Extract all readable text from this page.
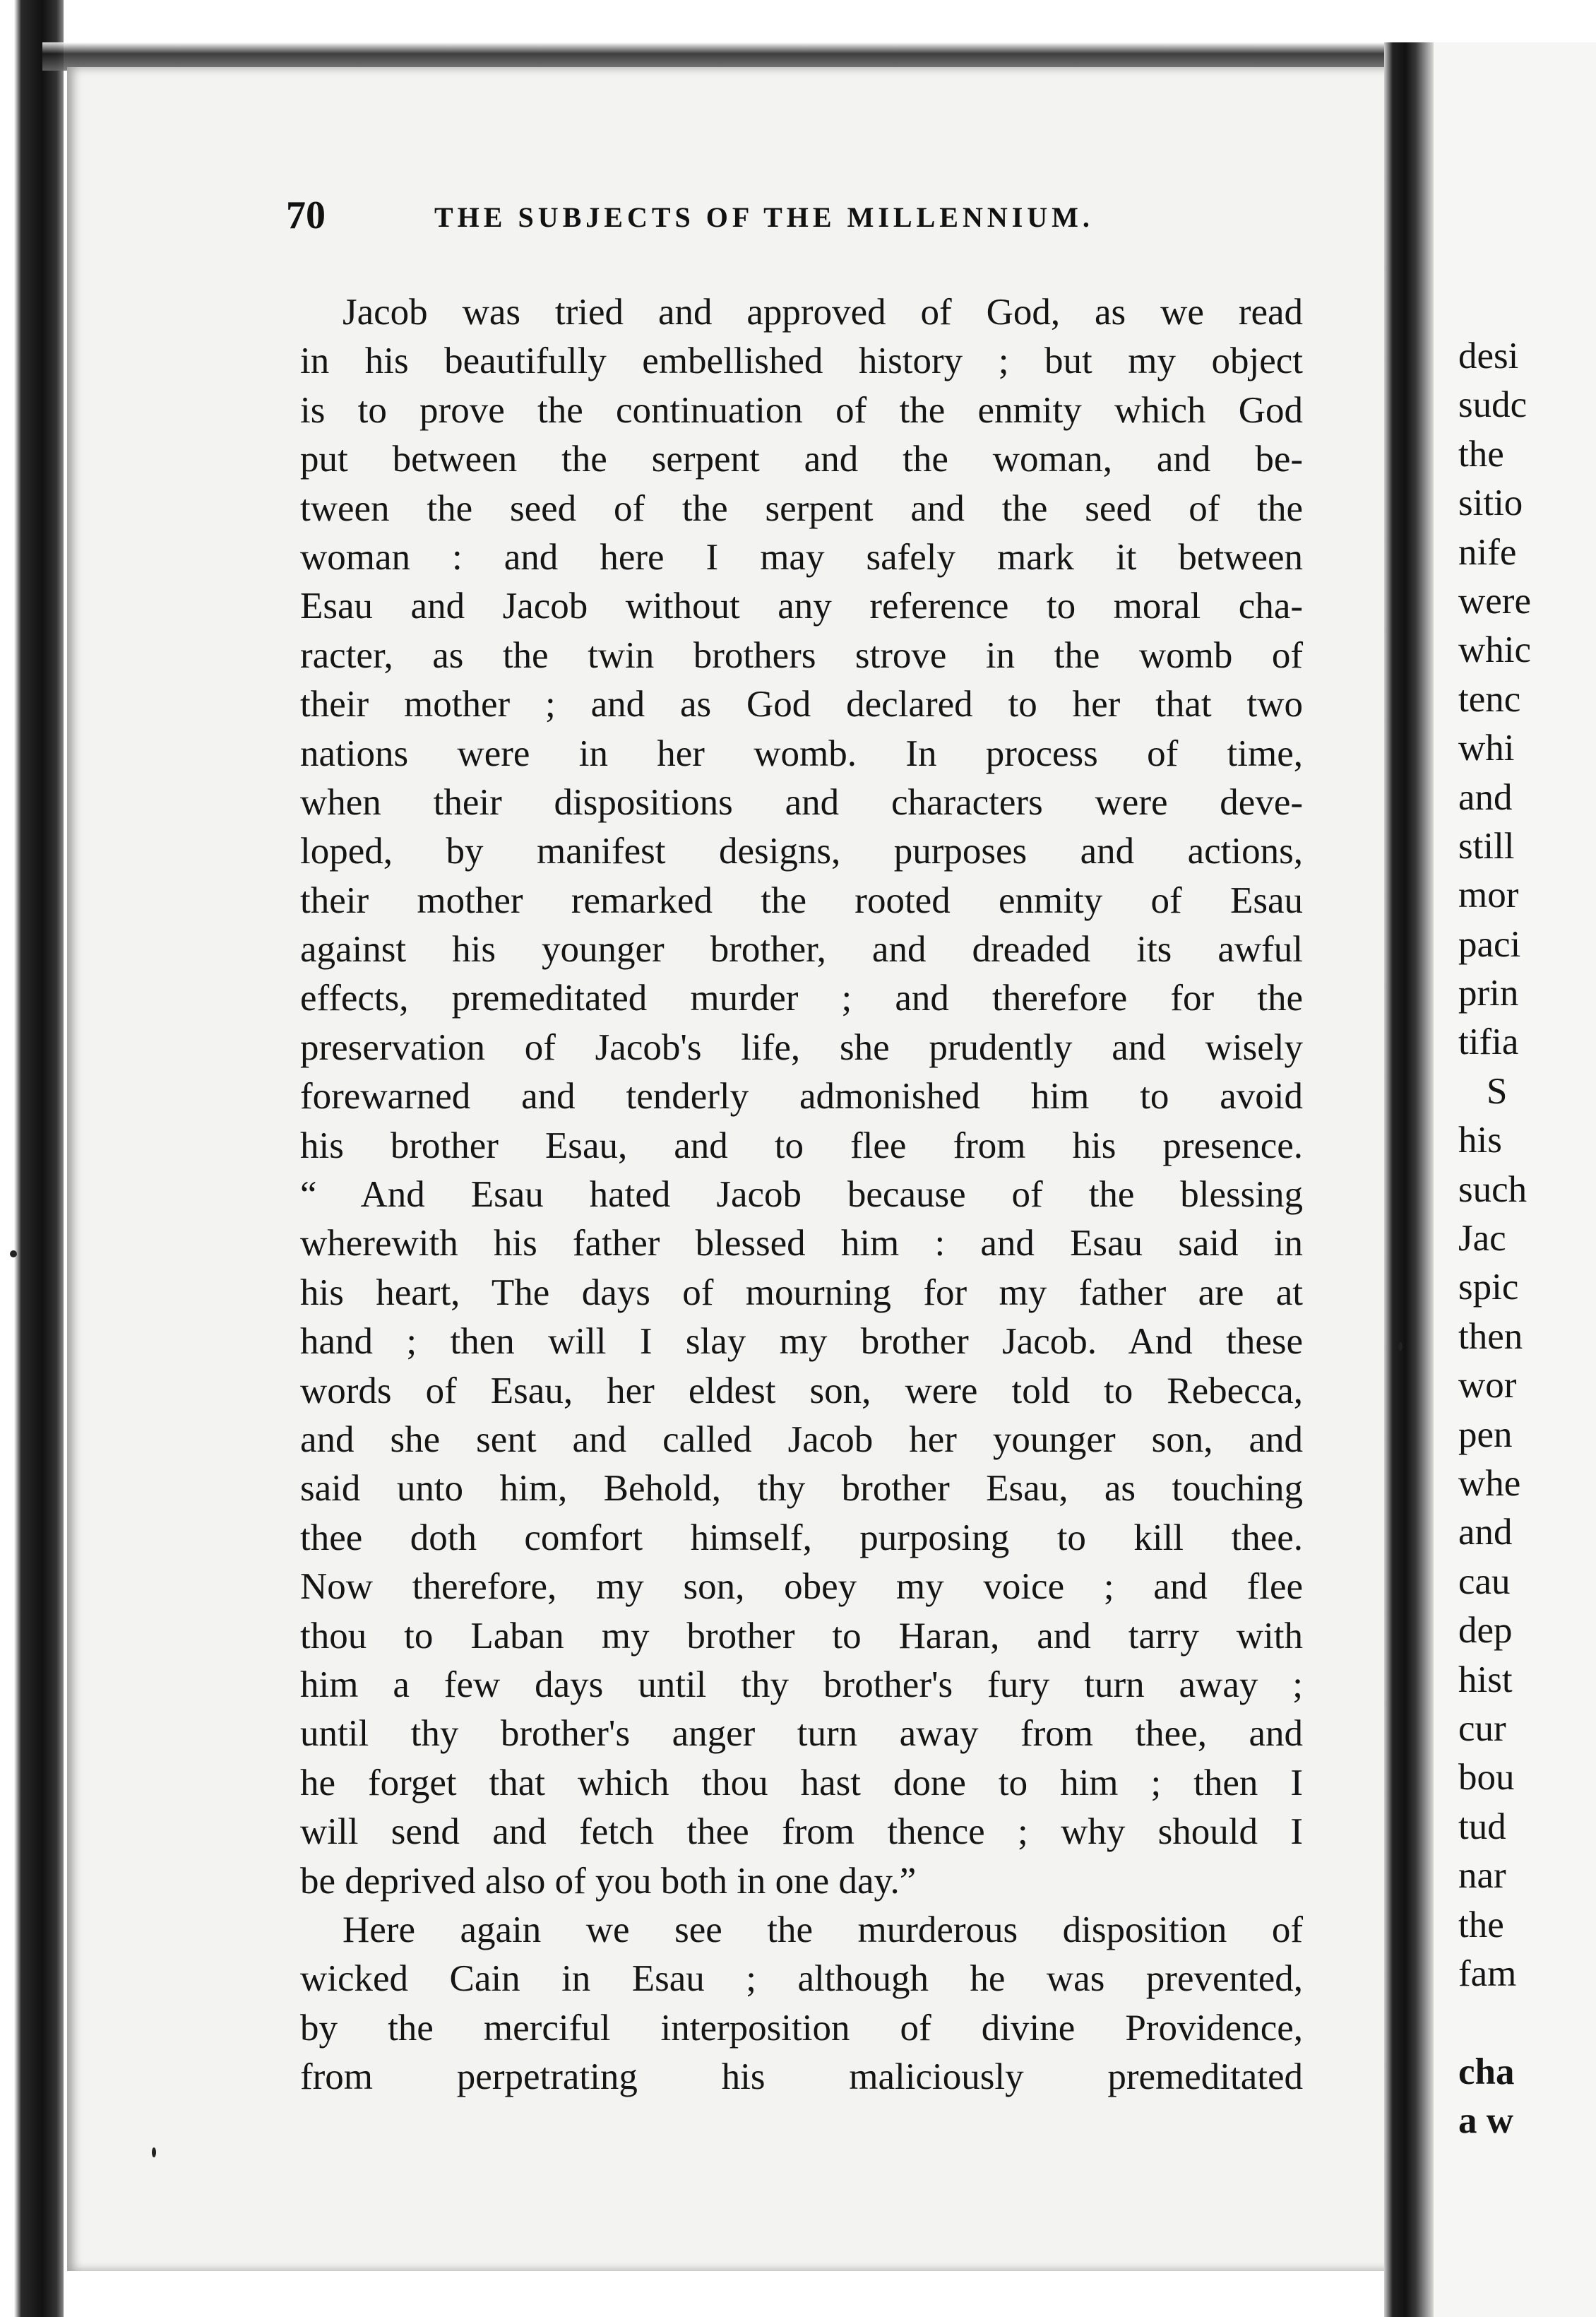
70	THE SUBJECTS OF THE MILLENNIUM.
Jacob was tried and approved of God, as we read
in his beautifully embellished history ; but my object
is to prove the continuation of the enmity which God
put between the serpent and the woman, and be-
tween the seed of the serpent and the seed of the
woman : and here I may safely mark it between
Esau and Jacob without any reference to moral cha-
racter, as the twin brothers strove in the womb of
their mother ; and as God declared to her that two
nations were in her womb. In process of time,
when their dispositions and characters were deve-
loped, by manifest designs, purposes and actions,
their mother remarked the rooted enmity of Esau
against his younger brother, and dreaded its awful
effects, premeditated murder ; and therefore for the
preservation of Jacob's life, she prudently and wisely
forewarned and tenderly admonished him to avoid
his brother Esau, and to flee from his presence.
“ And Esau hated Jacob because of the blessing
wherewith his father blessed him : and Esau said in
his heart, The days of mourning for my father are at
hand ; then will I slay my brother Jacob. And these
words of Esau, her eldest son, were told to Rebecca,
and she sent and called Jacob her younger son, and
said unto him, Behold, thy brother Esau, as touching
thee doth comfort himself, purposing to kill thee.
Now therefore, my son, obey my voice ; and flee
thou to Laban my brother to Haran, and tarry with
him a few days until thy brother's fury turn away ;
until thy brother's anger turn away from thee, and
he forget that which thou hast done to him ; then I
will send and fetch thee from thence ; why should I
be deprived also of you both in one day.”
Here again we see the murderous disposition of
wicked Cain in Esau ; although he was prevented,
by the merciful interposition of divine Providence,
from perpetrating his maliciously premeditated
desi
sudc
the
sitio
nife
were
whic
tenc
whi
and
still
mor
paci
prin
tifia
S
his
such
Jac
spic
then
wor
pen
whe
and
cau
dep
hist
cur
bou
tud
nar
the
fam
cha
a w
